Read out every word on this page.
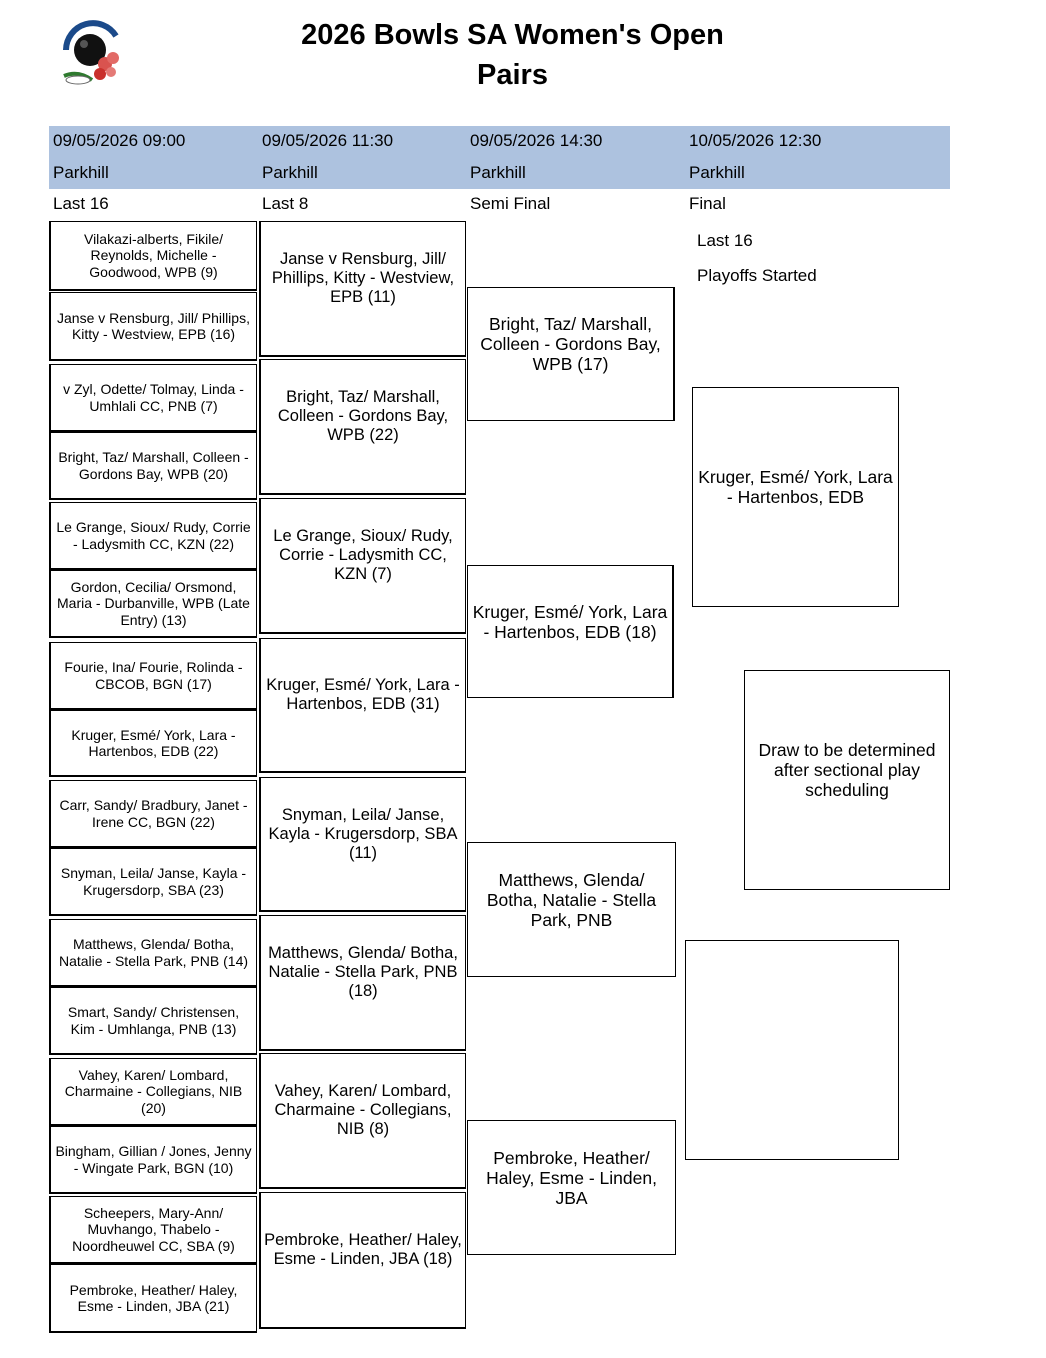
2026 Bowls SA Women's Open
Pairs
09/05/2026 09:00
Parkhill
Last 16
09/05/2026 11:30
Parkhill
Last 8
09/05/2026 14:30
Parkhill
Semi Final
10/05/2026 12:30
Parkhill
Final
Vilakazi-alberts, Fikile/ Reynolds, Michelle - Goodwood, WPB (9)
Janse v Rensburg, Jill/ Phillips, Kitty - Westview, EPB (16)
v Zyl, Odette/ Tolmay, Linda - Umhlali CC, PNB (7)
Bright, Taz/ Marshall, Colleen - Gordons Bay, WPB (20)
Le Grange, Sioux/ Rudy, Corrie - Ladysmith CC, KZN (22)
Gordon, Cecilia/ Orsmond, Maria - Durbanville, WPB (Late Entry) (13)
Fourie, Ina/ Fourie, Rolinda - CBCOB, BGN (17)
Kruger, Esmé/ York, Lara - Hartenbos, EDB (22)
Carr, Sandy/ Bradbury, Janet - Irene CC, BGN (22)
Snyman, Leila/ Janse, Kayla - Krugersdorp, SBA (23)
Matthews, Glenda/ Botha, Natalie - Stella Park, PNB (14)
Smart, Sandy/ Christensen, Kim - Umhlanga, PNB (13)
Vahey, Karen/ Lombard, Charmaine - Collegians, NIB (20)
Bingham, Gillian / Jones, Jenny - Wingate Park, BGN (10)
Scheepers, Mary-Ann/ Muvhango, Thabelo - Noordheuwel CC, SBA (9)
Pembroke, Heather/ Haley, Esme - Linden, JBA (21)
Janse v Rensburg, Jill/ Phillips, Kitty - Westview, EPB (11)
Bright, Taz/ Marshall, Colleen - Gordons Bay, WPB (22)
Le Grange, Sioux/ Rudy, Corrie - Ladysmith CC, KZN (7)
Kruger, Esmé/ York, Lara - Hartenbos, EDB (31)
Snyman, Leila/ Janse, Kayla - Krugersdorp, SBA (11)
Matthews, Glenda/ Botha, Natalie - Stella Park, PNB (18)
Vahey, Karen/ Lombard, Charmaine - Collegians, NIB (8)
Pembroke, Heather/ Haley, Esme - Linden, JBA (18)
Bright, Taz/ Marshall, Colleen - Gordons Bay, WPB (17)
Kruger, Esmé/ York, Lara - Hartenbos, EDB (18)
Matthews, Glenda/ Botha, Natalie - Stella Park, PNB
Pembroke, Heather/ Haley, Esme - Linden, JBA
Last 16
Playoffs Started
Kruger, Esmé/ York, Lara - Hartenbos, EDB
Draw to be determined after sectional play scheduling
